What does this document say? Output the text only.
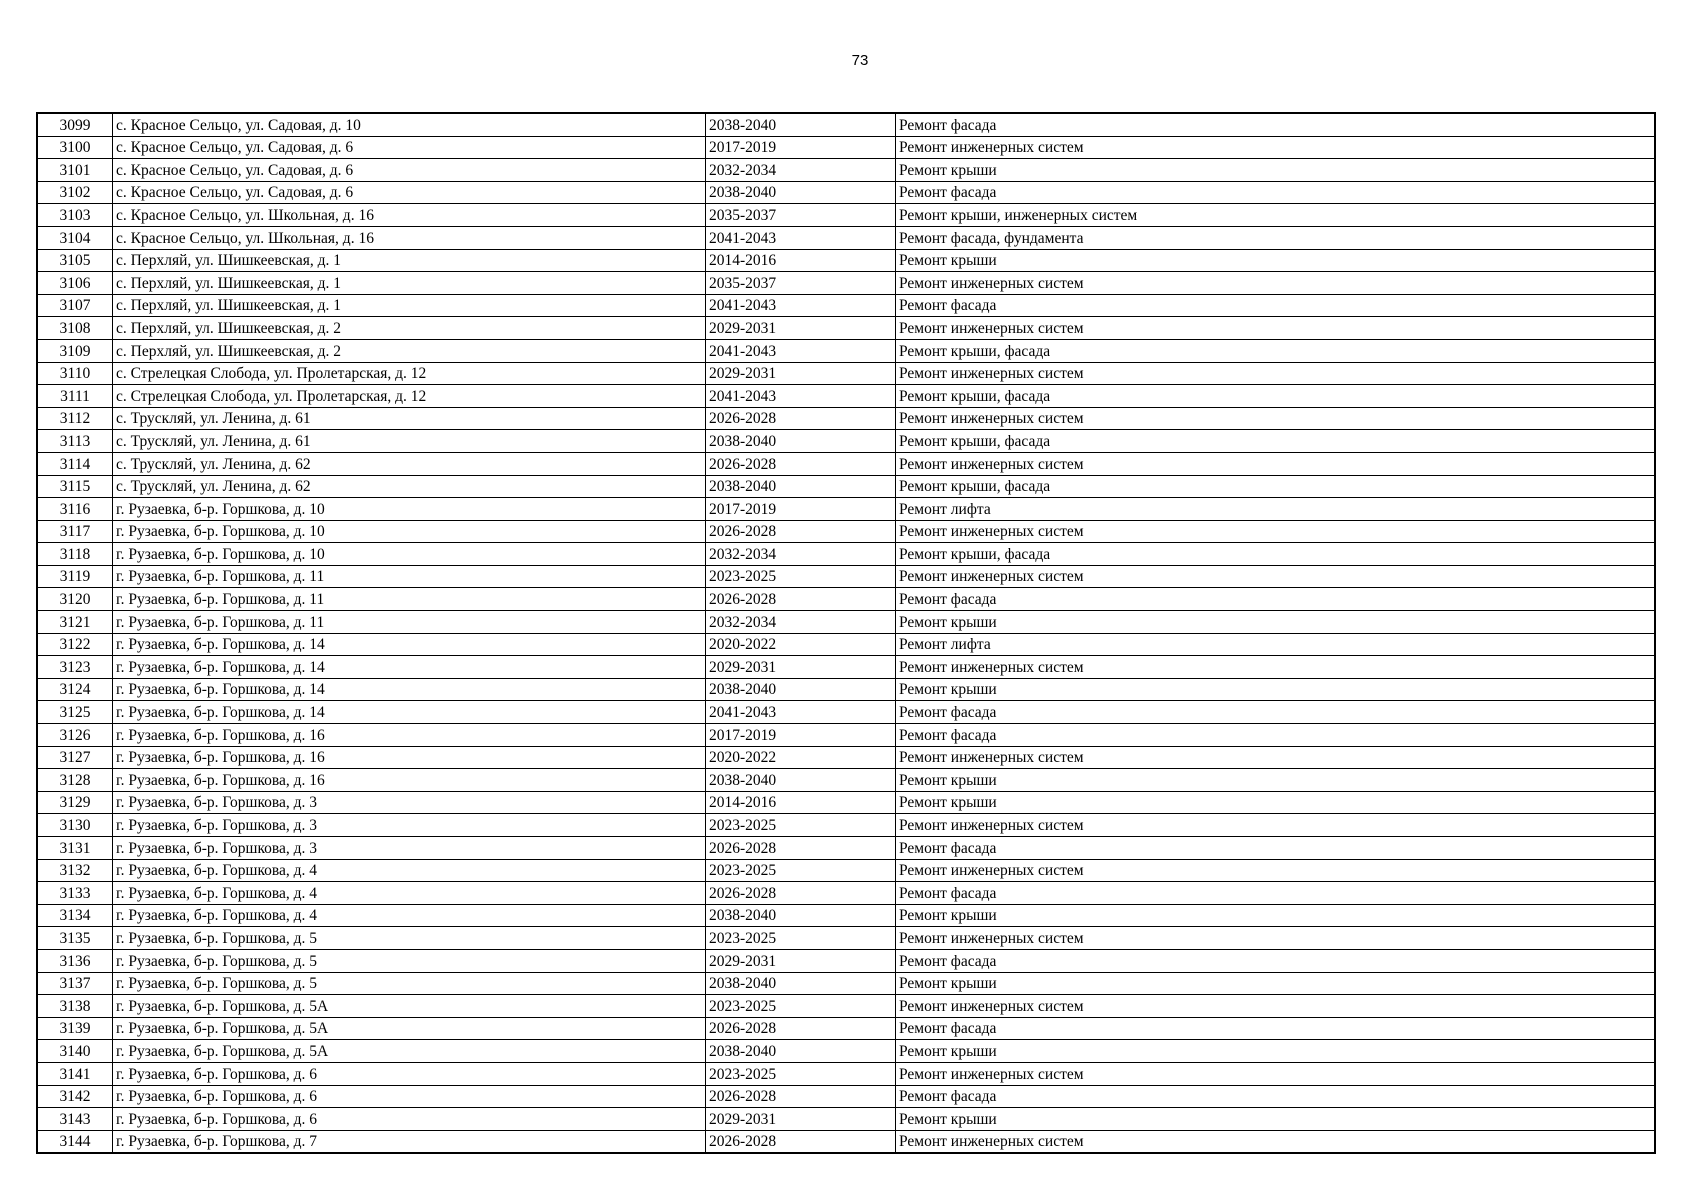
73
3099	с. Красное Сельцо, ул. Садовая, д. 10	2038-2040	Ремонт фасада
3100	с. Красное Сельцо, ул. Садовая, д. 6	2017-2019	Ремонт инженерных систем
3101	с. Красное Сельцо, ул. Садовая, д. 6	2032-2034	Ремонт крыши
3102	с. Красное Сельцо, ул. Садовая, д. 6	2038-2040	Ремонт фасада
3103	с. Красное Сельцо, ул. Школьная, д. 16	2035-2037	Ремонт крыши, инженерных систем
3104	с. Красное Сельцо, ул. Школьная, д. 16	2041-2043	Ремонт фасада, фундамента
3105	с. Перхляй, ул. Шишкеевская, д. 1	2014-2016	Ремонт крыши
3106	с. Перхляй, ул. Шишкеевская, д. 1	2035-2037	Ремонт инженерных систем
3107	с. Перхляй, ул. Шишкеевская, д. 1	2041-2043	Ремонт фасада
3108	с. Перхляй, ул. Шишкеевская, д. 2	2029-2031	Ремонт инженерных систем
3109	с. Перхляй, ул. Шишкеевская, д. 2	2041-2043	Ремонт крыши, фасада
3110	с. Стрелецкая Слобода, ул. Пролетарская, д. 12	2029-2031	Ремонт инженерных систем
3111	с. Стрелецкая Слобода, ул. Пролетарская, д. 12	2041-2043	Ремонт крыши, фасада
3112	с. Трускляй, ул. Ленина, д. 61	2026-2028	Ремонт инженерных систем
3113	с. Трускляй, ул. Ленина, д. 61	2038-2040	Ремонт крыши, фасада
3114	с. Трускляй, ул. Ленина, д. 62	2026-2028	Ремонт инженерных систем
3115	с. Трускляй, ул. Ленина, д. 62	2038-2040	Ремонт крыши, фасада
3116	г. Рузаевка, б-р. Горшкова, д. 10	2017-2019	Ремонт лифта
3117	г. Рузаевка, б-р. Горшкова, д. 10	2026-2028	Ремонт инженерных систем
3118	г. Рузаевка, б-р. Горшкова, д. 10	2032-2034	Ремонт крыши, фасада
3119	г. Рузаевка, б-р. Горшкова, д. 11	2023-2025	Ремонт инженерных систем
3120	г. Рузаевка, б-р. Горшкова, д. 11	2026-2028	Ремонт фасада
3121	г. Рузаевка, б-р. Горшкова, д. 11	2032-2034	Ремонт крыши
3122	г. Рузаевка, б-р. Горшкова, д. 14	2020-2022	Ремонт лифта
3123	г. Рузаевка, б-р. Горшкова, д. 14	2029-2031	Ремонт инженерных систем
3124	г. Рузаевка, б-р. Горшкова, д. 14	2038-2040	Ремонт крыши
3125	г. Рузаевка, б-р. Горшкова, д. 14	2041-2043	Ремонт фасада
3126	г. Рузаевка, б-р. Горшкова, д. 16	2017-2019	Ремонт фасада
3127	г. Рузаевка, б-р. Горшкова, д. 16	2020-2022	Ремонт инженерных систем
3128	г. Рузаевка, б-р. Горшкова, д. 16	2038-2040	Ремонт крыши
3129	г. Рузаевка, б-р. Горшкова, д. 3	2014-2016	Ремонт крыши
3130	г. Рузаевка, б-р. Горшкова, д. 3	2023-2025	Ремонт инженерных систем
3131	г. Рузаевка, б-р. Горшкова, д. 3	2026-2028	Ремонт фасада
3132	г. Рузаевка, б-р. Горшкова, д. 4	2023-2025	Ремонт инженерных систем
3133	г. Рузаевка, б-р. Горшкова, д. 4	2026-2028	Ремонт фасада
3134	г. Рузаевка, б-р. Горшкова, д. 4	2038-2040	Ремонт крыши
3135	г. Рузаевка, б-р. Горшкова, д. 5	2023-2025	Ремонт инженерных систем
3136	г. Рузаевка, б-р. Горшкова, д. 5	2029-2031	Ремонт фасада
3137	г. Рузаевка, б-р. Горшкова, д. 5	2038-2040	Ремонт крыши
3138	г. Рузаевка, б-р. Горшкова, д. 5А	2023-2025	Ремонт инженерных систем
3139	г. Рузаевка, б-р. Горшкова, д. 5А	2026-2028	Ремонт фасада
3140	г. Рузаевка, б-р. Горшкова, д. 5А	2038-2040	Ремонт крыши
3141	г. Рузаевка, б-р. Горшкова, д. 6	2023-2025	Ремонт инженерных систем
3142	г. Рузаевка, б-р. Горшкова, д. 6	2026-2028	Ремонт фасада
3143	г. Рузаевка, б-р. Горшкова, д. 6	2029-2031	Ремонт крыши
3144	г. Рузаевка, б-р. Горшкова, д. 7	2026-2028	Ремонт инженерных систем
